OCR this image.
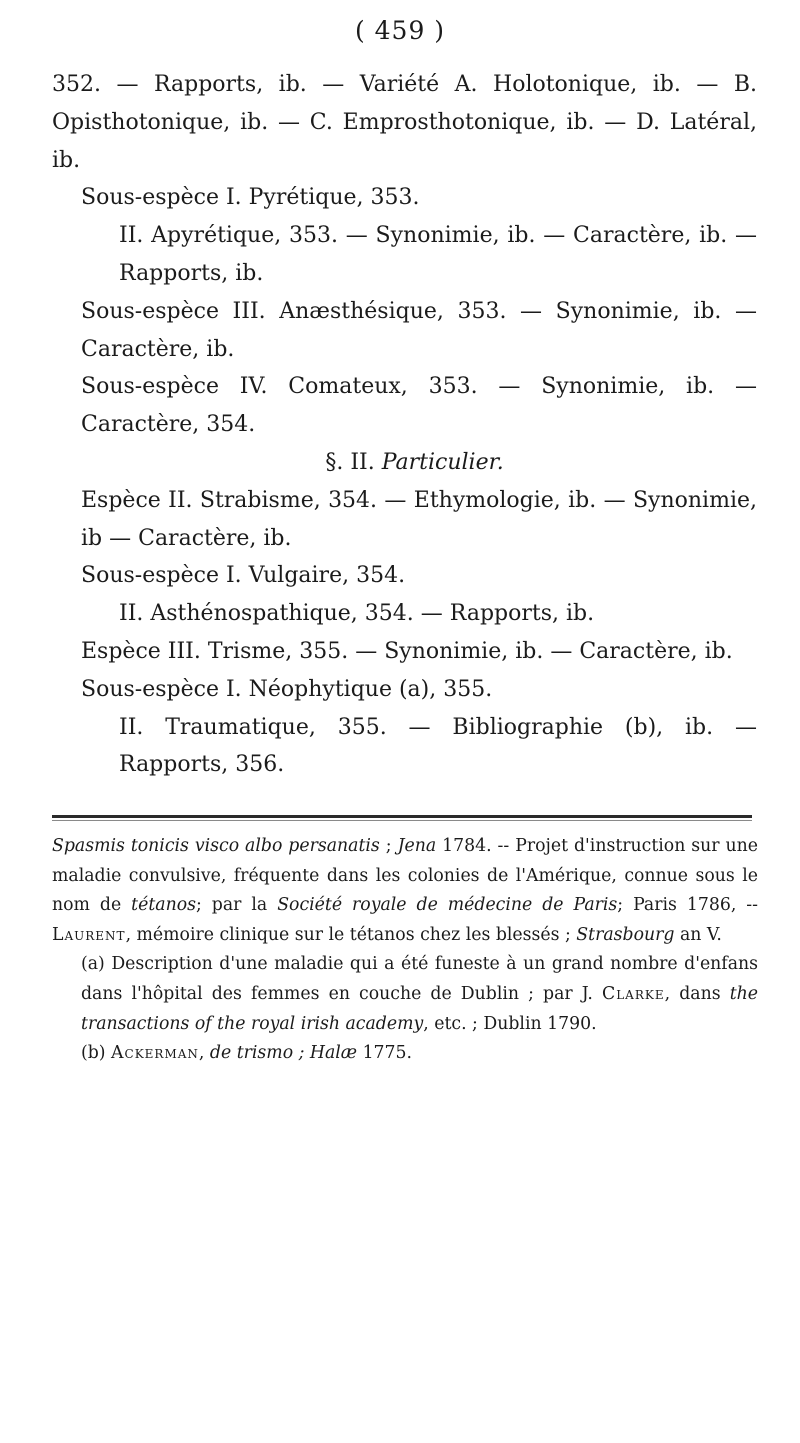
( 459 )

352. — Rapports, ib. — Variété A. Holotonique, ib. — B. Opisthotonique, ib. — C. Emprosthotonique, ib. — D. Latéral, ib.

Sous-espèce I. Pyrétique, 353.

II. Apyrétique, 353. — Synonimie, ib. — Caractère, ib. — Rapports, ib.

Sous-espèce III. Anæsthésique, 353. — Synonimie, ib. — Caractère, ib.

Sous-espèce IV. Comateux, 353. — Synonimie, ib. — Caractère, 354.

§. II. Particulier.

Espèce II. Strabisme, 354. — Ethymologie, ib. — Synonimie, ib — Caractère, ib.

Sous-espèce I. Vulgaire, 354.

II. Asthénospathique, 354. — Rapports, ib.

Espèce III. Trisme, 355. — Synonimie, ib. — Caractère, ib.

Sous-espèce I. Néophytique (a), 355.

II. Traumatique, 355. — Bibliographie (b), ib. — Rapports, 356.

Spasmis tonicis visco albo persanatis ; Jena 1784. -- Projet d'instruction sur une maladie convulsive, fréquente dans les colonies de l'Amérique, connue sous le nom de tétanos; par la Société royale de médecine de Paris; Paris 1786, -- Laurent, mémoire clinique sur le tétanos chez les blessés ; Strasbourg an V.

(a) Description d'une maladie qui a été funeste à un grand nombre d'enfans dans l'hôpital des femmes en couche de Dublin ; par J. Clarke, dans the transactions of the royal irish academy, etc. ; Dublin 1790.

(b) Ackerman, de trismo ; Halæ 1775.
